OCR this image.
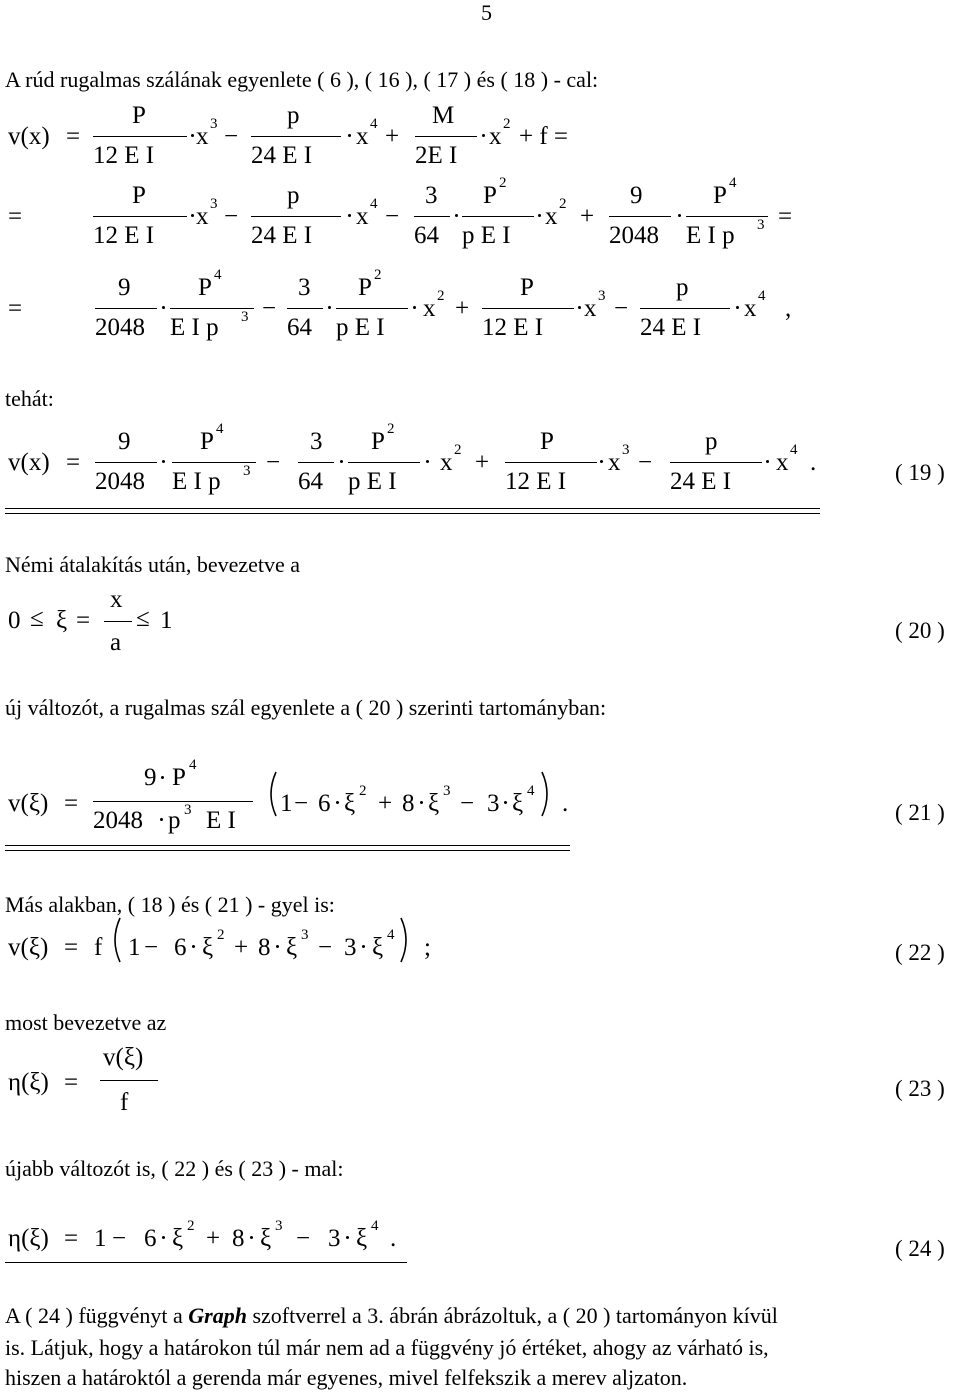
5
A rúd rugalmas szálának egyenlete ( 6 ), ( 16 ), ( 17 ) és ( 18 ) - cal:
v(x) =
P
12 E I
x 3 −
p
24 E I
x 4 +
M
2E I
x 2 + f =
=
P
12 E I
x 3 −
p
24 E I
x 4 −
3
64
P 2
p E I
x 2 +
9
2048
P 4
E I p 3 =
=
9
2048
P 4
E I p 3 −
3
64
P 2
p E I
x 2 +
P
12 E I
x 3 −
p
24 E I
x 4 ,
tehát:
v(x) =
9
2048
P 4
E I p 3 −
3
64
P 2
p E I
x 2 +
P
12 E I
x 3 −
p
24 E I
x 4 .	( 19 )
Némi átalakítás után, bevezetve a
0 ≤ ξ =
x
a
≤ 1	( 20 )
új változót, a rugalmas szál egyenlete a ( 20 ) szerinti tartományban:
v(ξ) =
9 P 4
2048 p 3 E I
1 − 6 ξ 2 + 8 ξ 3 − 3 ξ 4 .	( 21 )
Más alakban, ( 18 ) és ( 21 ) - gyel is:
v(ξ) = f 1 − 6 ξ 2 + 8 ξ 3 − 3 ξ 4 ;	( 22 )
most bevezetve az
η(ξ) =
v(ξ)
f
( 23 )
újabb változót is, ( 22 ) és ( 23 ) - mal:
η(ξ) = 1 − 6 ξ 2 + 8 ξ 3 − 3 ξ 4 .	( 24 )
A ( 24 ) függvényt a Graph szoftverrel a 3. ábrán ábrázoltuk, a ( 20 ) tartományon kívül
is. Látjuk, hogy a határokon túl már nem ad a függvény jó értéket, ahogy az várható is,
hiszen a határoktól a gerenda már egyenes, mivel felfekszik a merev aljzaton.
